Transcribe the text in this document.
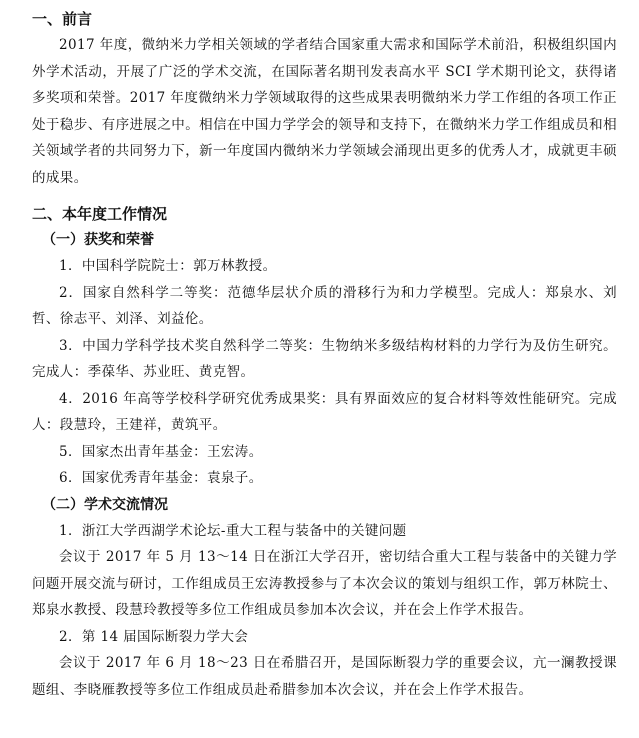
一、前言

2017 年度，微纳米力学相关领域的学者结合国家重大需求和国际学术前沿，积极组织国内外学术活动，开展了广泛的学术交流，在国际著名期刊发表高水平 SCI 学术期刊论文，获得诸多奖项和荣誉。2017 年度微纳米力学领域取得的这些成果表明微纳米力学工作组的各项工作正处于稳步、有序进展之中。相信在中国力学学会的领导和支持下，在微纳米力学工作组成员和相关领域学者的共同努力下，新一年度国内微纳米力学领域会涌现出更多的优秀人才，成就更丰硕的成果。

二、本年度工作情况
（一）获奖和荣誉

1．中国科学院院士：郭万林教授。

2．国家自然科学二等奖：范德华层状介质的滑移行为和力学模型。完成人：郑泉水、刘哲、徐志平、刘泽、刘益伦。

3．中国力学科学技术奖自然科学二等奖：生物纳米多级结构材料的力学行为及仿生研究。完成人：季葆华、苏业旺、黄克智。

4．2016 年高等学校科学研究优秀成果奖：具有界面效应的复合材料等效性能研究。完成人：段慧玲，王建祥，黄筑平。

5．国家杰出青年基金：王宏涛。

6．国家优秀青年基金：袁泉子。

（二）学术交流情况

1．浙江大学西湖学术论坛-重大工程与装备中的关键问题

会议于 2017 年 5 月 13～14 日在浙江大学召开，密切结合重大工程与装备中的关键力学问题开展交流与研讨，工作组成员王宏涛教授参与了本次会议的策划与组织工作，郭万林院士、郑泉水教授、段慧玲教授等多位工作组成员参加本次会议，并在会上作学术报告。

2．第 14 届国际断裂力学大会

会议于 2017 年 6 月 18～23 日在希腊召开，是国际断裂力学的重要会议，亢一澜教授课题组、李晓雁教授等多位工作组成员赴希腊参加本次会议，并在会上作学术报告。
